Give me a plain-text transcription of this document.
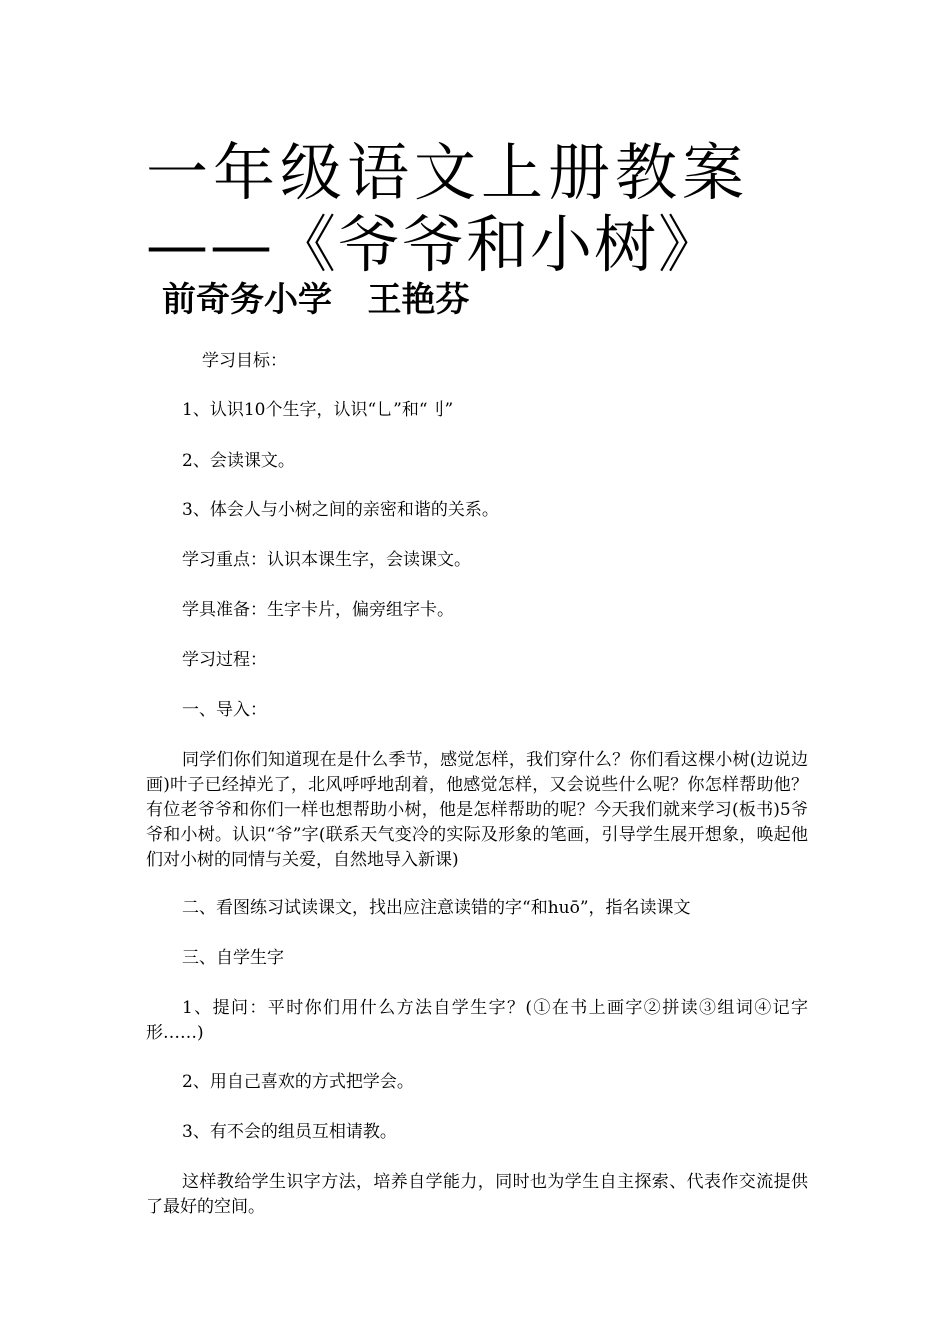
一年级语文上册教案
——《爷爷和小树》
前奇务小学   王艳芬

学习目标：

1、认识10个生字，认识“⺃”和“刂”

2、会读课文。

3、体会人与小树之间的亲密和谐的关系。

学习重点：认识本课生字，会读课文。

学具准备：生字卡片，偏旁组字卡。

学习过程：

一、导入：

同学们你们知道现在是什么季节，感觉怎样，我们穿什么？你们看这棵小树(边说边画)叶子已经掉光了，北风呼呼地刮着，他感觉怎样，又会说些什么呢？你怎样帮助他？有位老爷爷和你们一样也想帮助小树，他是怎样帮助的呢？今天我们就来学习(板书)5爷爷和小树。认识“爷”字(联系天气变冷的实际及形象的笔画，引导学生展开想象，唤起他们对小树的同情与关爱，自然地导入新课)

二、看图练习试读课文，找出应注意读错的字“和huō”，指名读课文

三、自学生字

1、提问：平时你们用什么方法自学生字？(①在书上画字②拼读③组词④记字形……)

2、用自己喜欢的方式把学会。

3、有不会的组员互相请教。

这样教给学生识字方法，培养自学能力，同时也为学生自主探索、代表作交流提供了最好的空间。
